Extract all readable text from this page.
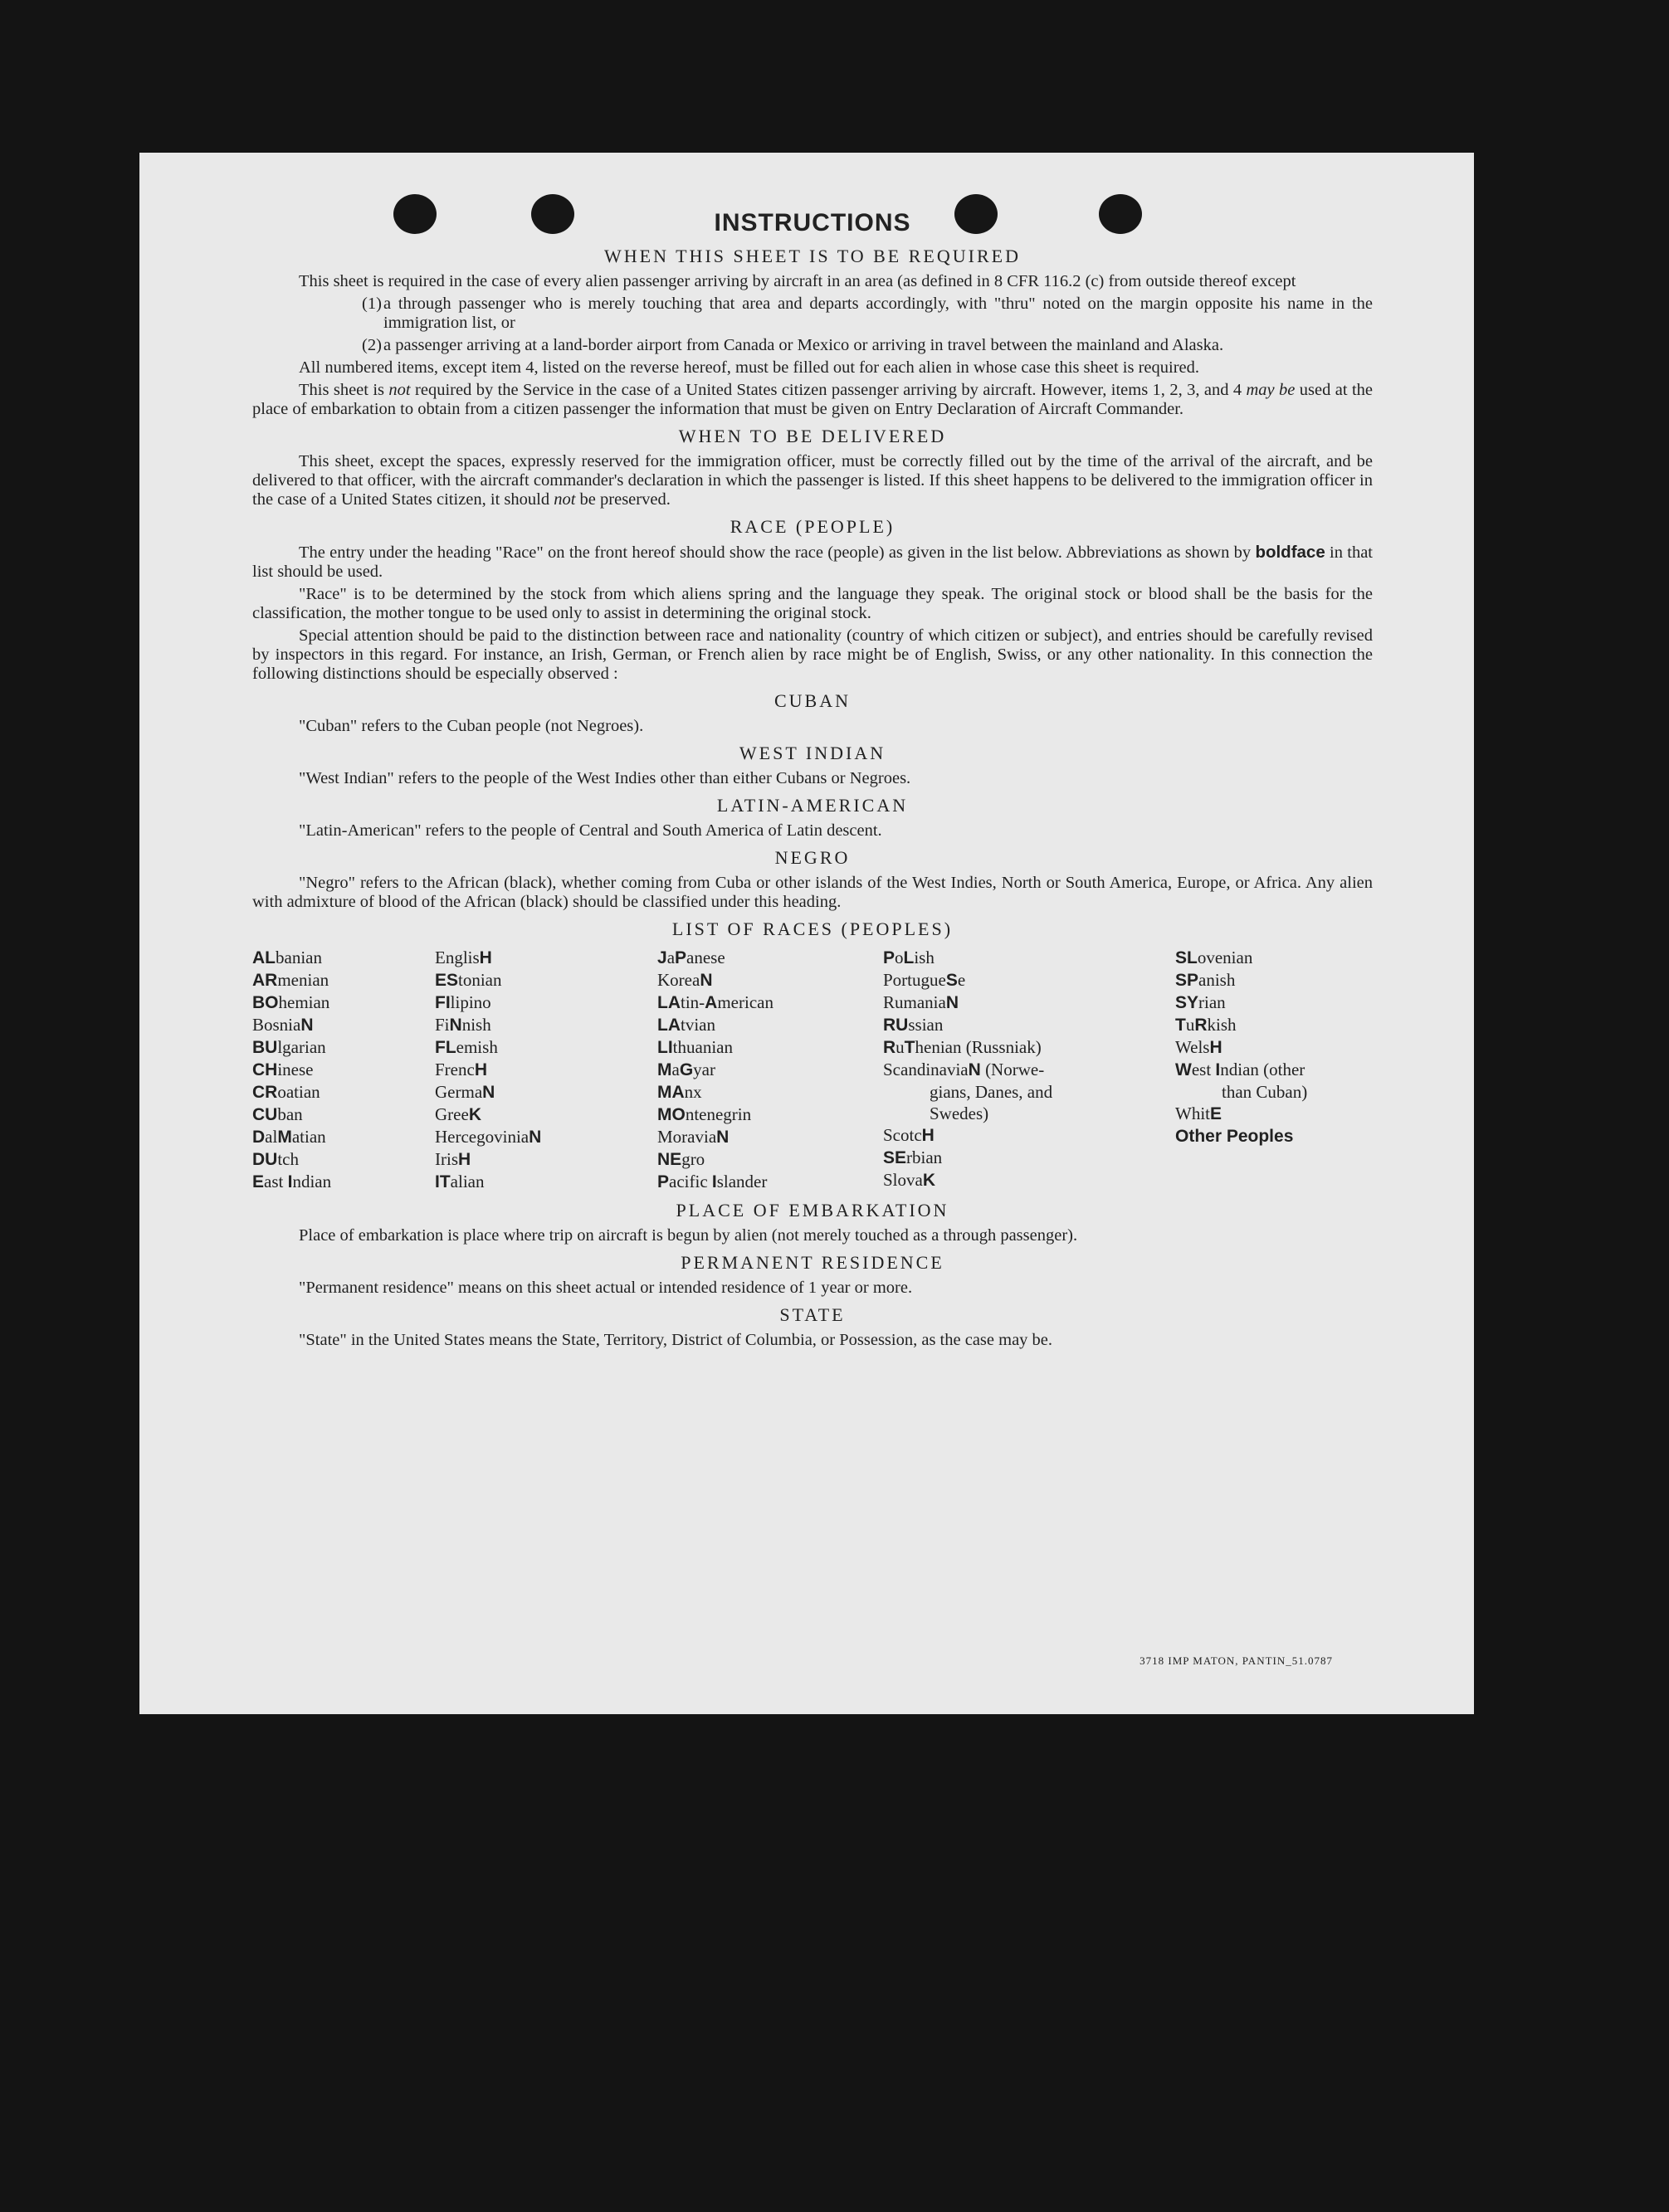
INSTRUCTIONS
WHEN THIS SHEET IS TO BE REQUIRED

This sheet is required in the case of every alien passenger arriving by aircraft in an area (as defined in 8 CFR 116.2 (c) from outside thereof except

(1) a through passenger who is merely touching that area and departs accordingly, with "thru" noted on the margin opposite his name in the immigration list, or

(2) a passenger arriving at a land-border airport from Canada or Mexico or arriving in travel between the mainland and Alaska.

All numbered items, except item 4, listed on the reverse hereof, must be filled out for each alien in whose case this sheet is required.

This sheet is not required by the Service in the case of a United States citizen passenger arriving by aircraft. However, items 1, 2, 3, and 4 may be used at the place of embarkation to obtain from a citizen passenger the information that must be given on Entry Declaration of Aircraft Commander.

WHEN TO BE DELIVERED

This sheet, except the spaces, expressly reserved for the immigration officer, must be correctly filled out by the time of the arrival of the aircraft, and be delivered to that officer, with the aircraft commander's declaration in which the passenger is listed. If this sheet happens to be delivered to the immigration officer in the case of a United States citizen, it should not be preserved.

RACE (PEOPLE)

The entry under the heading "Race" on the front hereof should show the race (people) as given in the list below. Abbreviations as shown by boldface in that list should be used.

"Race" is to be determined by the stock from which aliens spring and the language they speak. The original stock or blood shall be the basis for the classification, the mother tongue to be used only to assist in determining the original stock.

Special attention should be paid to the distinction between race and nationality (country of which citizen or subject), and entries should be carefully revised by inspectors in this regard. For instance, an Irish, German, or French alien by race might be of English, Swiss, or any other nationality. In this connection the following distinctions should be especially observed :

CUBAN

"Cuban" refers to the Cuban people (not Negroes).

WEST INDIAN

"West Indian" refers to the people of the West Indies other than either Cubans or Negroes.

LATIN-AMERICAN

"Latin-American" refers to the people of Central and South America of Latin descent.

NEGRO

"Negro" refers to the African (black), whether coming from Cuba or other islands of the West Indies, North or South America, Europe, or Africa. Any alien with admixture of blood of the African (black) should be classified under this heading.

LIST OF RACES (PEOPLES)
ALbanian
ARmenian
BOhemian
BosniaN
BUlgarian
CHinese
CRoatian
CUban
DalMatian
DUtch
East Indian
EnglisH
EStonian
FIlipino
FiNnish
FLemish
FrencH
GermaN
GreeK
HercegoviniaN
IrisH
ITalian
JaPanese
KoreaN
LAtin-American
LAtvian
LIthuanian
MaGyar
MAnx
MOntenegrin
MoraviaN
NEgro
Pacific Islander
PoLish
PortugueSe
RumaniaN
RUssian
RuThenian (Russniak)
ScandinaviaN (Norwe-
gians, Danes, and
Swedes)
ScotcH
SErbian
SlovaK
SLovenian
SPanish
SYrian
TuRkish
WelsH
West Indian (other
than Cuban)
WhitE
Other Peoples
PLACE OF EMBARKATION

Place of embarkation is place where trip on aircraft is begun by alien (not merely touched as a through passenger).

PERMANENT RESIDENCE

"Permanent residence" means on this sheet actual or intended residence of 1 year or more.

STATE

"State" in the United States means the State, Territory, District of Columbia, or Possession, as the case may be.

3718 IMP MATON, PANTIN_51.0787
